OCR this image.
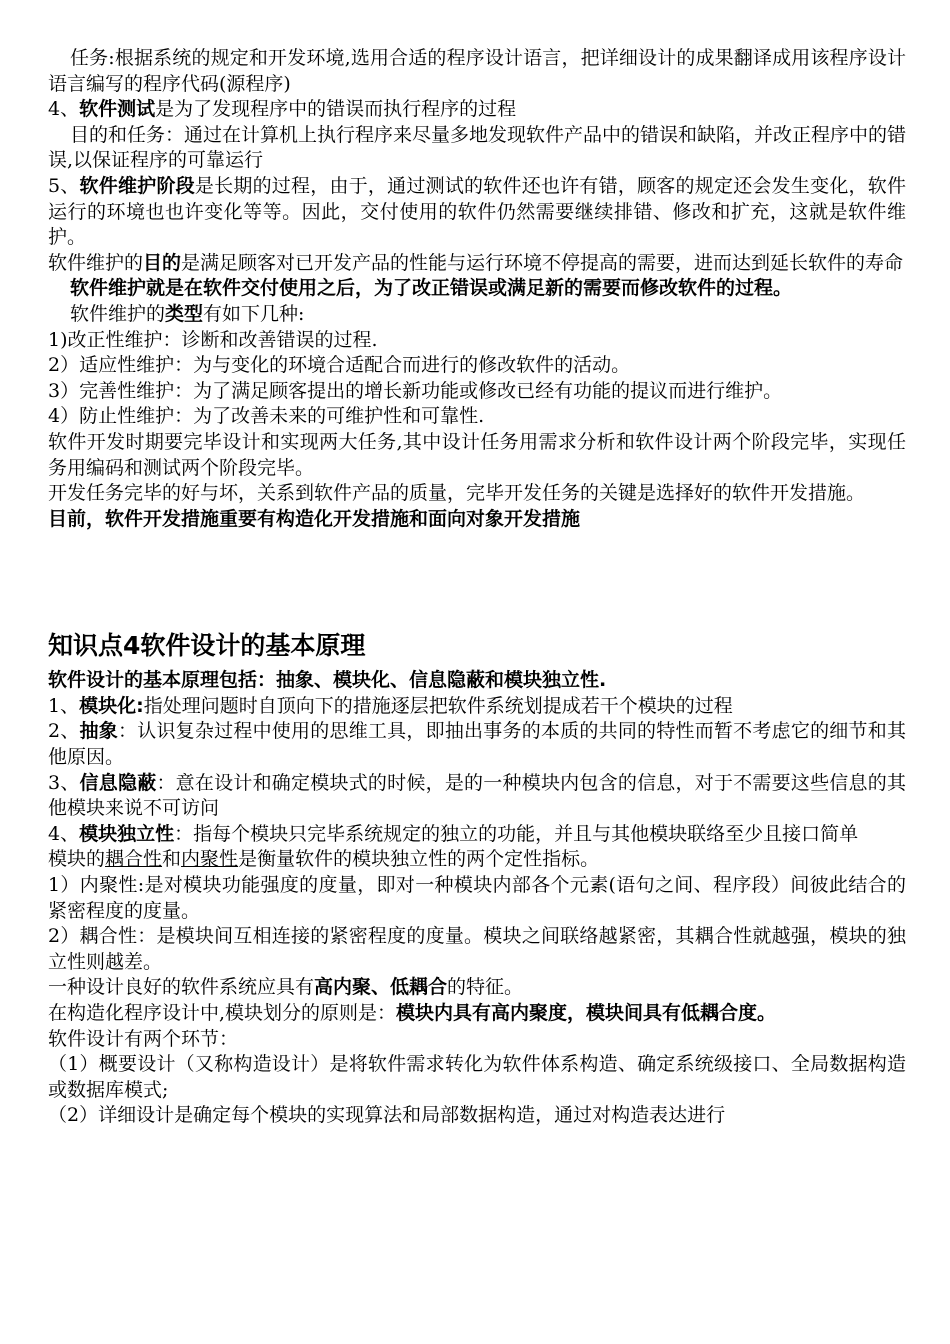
任务:根据系统的规定和开发环境,选用合适的程序设计语言，把详细设计的成果翻译成用该程序设计语言编写的程序代码(源程序)

4、软件测试是为了发现程序中的错误而执行程序的过程

目的和任务：通过在计算机上执行程序来尽量多地发现软件产品中的错误和缺陷，并改正程序中的错误,以保证程序的可靠运行

5、软件维护阶段是长期的过程，由于，通过测试的软件还也许有错，顾客的规定还会发生变化，软件运行的环境也也许变化等等。因此，交付使用的软件仍然需要继续排错、修改和扩充，这就是软件维护。

软件维护的目的是满足顾客对已开发产品的性能与运行环境不停提高的需要，进而达到延长软件的寿命

软件维护就是在软件交付使用之后，为了改正错误或满足新的需要而修改软件的过程。

软件维护的类型有如下几种:

1)改正性维护：诊断和改善错误的过程.

2）适应性维护：为与变化的环境合适配合而进行的修改软件的活动。

3）完善性维护：为了满足顾客提出的增长新功能或修改已经有功能的提议而进行维护。

4）防止性维护：为了改善未来的可维护性和可靠性.

软件开发时期要完毕设计和实现两大任务,其中设计任务用需求分析和软件设计两个阶段完毕，实现任务用编码和测试两个阶段完毕。

开发任务完毕的好与坏，关系到软件产品的质量，完毕开发任务的关键是选择好的软件开发措施。

目前，软件开发措施重要有构造化开发措施和面向对象开发措施

知识点4软件设计的基本原理

软件设计的基本原理包括：抽象、模块化、信息隐蔽和模块独立性.

1、模块化:指处理问题时自顶向下的措施逐层把软件系统划提成若干个模块的过程

2、抽象：认识复杂过程中使用的思维工具，即抽出事务的本质的共同的特性而暂不考虑它的细节和其他原因。

3、信息隐蔽：意在设计和确定模块式的时候，是的一种模块内包含的信息，对于不需要这些信息的其他模块来说不可访问

4、模块独立性：指每个模块只完毕系统规定的独立的功能，并且与其他模块联络至少且接口简单

模块的耦合性和内聚性是衡量软件的模块独立性的两个定性指标。

1）内聚性:是对模块功能强度的度量，即对一种模块内部各个元素(语句之间、程序段）间彼此结合的紧密程度的度量。

2）耦合性：是模块间互相连接的紧密程度的度量。模块之间联络越紧密，其耦合性就越强，模块的独立性则越差。

一种设计良好的软件系统应具有高内聚、低耦合的特征。

在构造化程序设计中,模块划分的原则是：模块内具有高内聚度，模块间具有低耦合度。

软件设计有两个环节：

（1）概要设计（又称构造设计）是将软件需求转化为软件体系构造、确定系统级接口、全局数据构造或数据库模式;

（2）详细设计是确定每个模块的实现算法和局部数据构造，通过对构造表达进行
